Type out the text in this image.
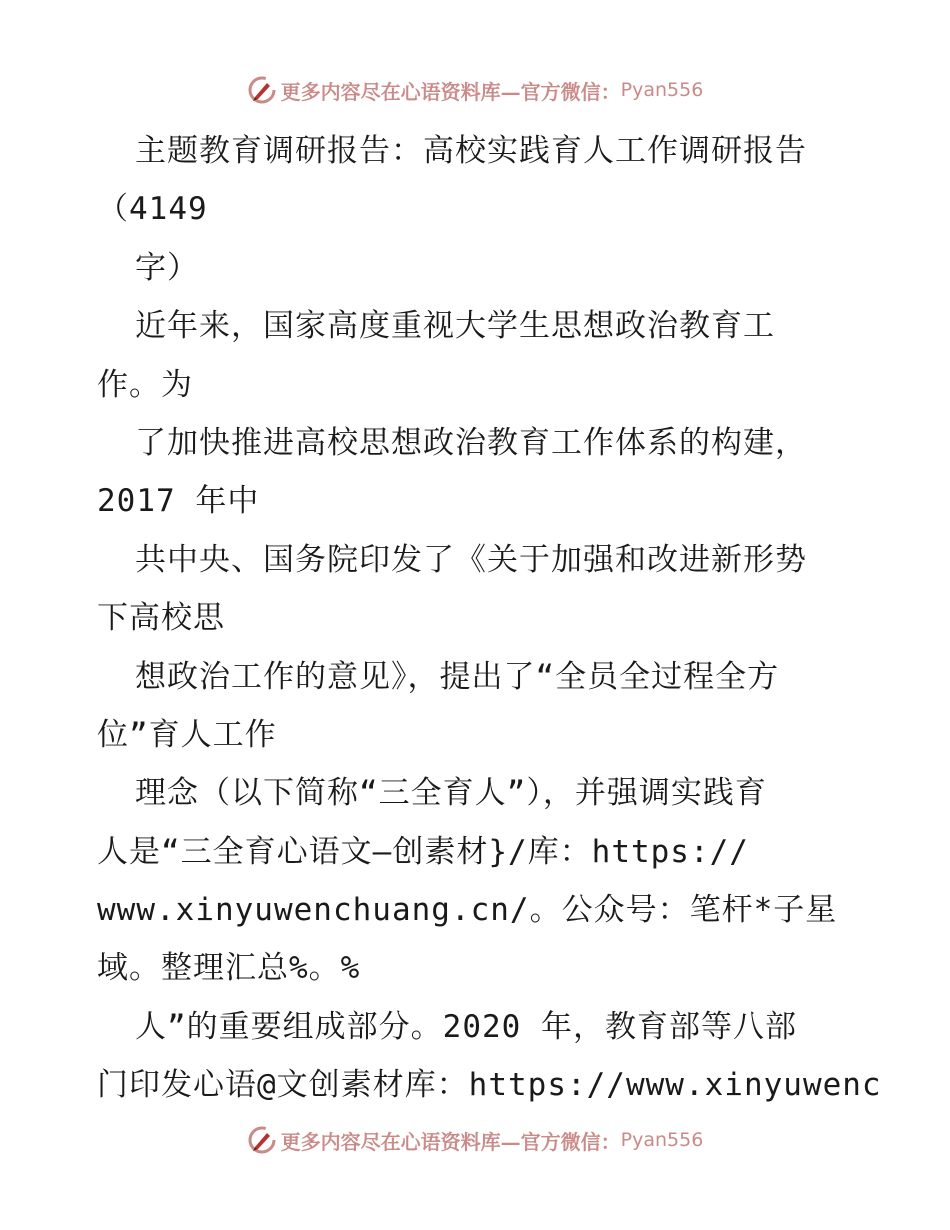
更多内容尽在心语资料库—官方微信： Pyan556
主题教育调研报告：高校实践育人工作调研报告
（4149
字）
近年来，国家高度重视大学生思想政治教育工
作。为
了加快推进高校思想政治教育工作体系的构建，
2017 年中
共中央、国务院印发了《关于加强和改进新形势
下高校思
想政治工作的意见》，提出了“全员全过程全方
位”育人工作
理念（以下简称“三全育人”），并强调实践育
人是“三全育心语文—创素材}/库：https://
www.xinyuwenchuang.cn/。公众号：笔杆*子星
域。整理汇总%。%
人”的重要组成部分。2020 年，教育部等八部
门印发心语@文创素材库：https://www.xinyuwenc
更多内容尽在心语资料库—官方微信： Pyan556
